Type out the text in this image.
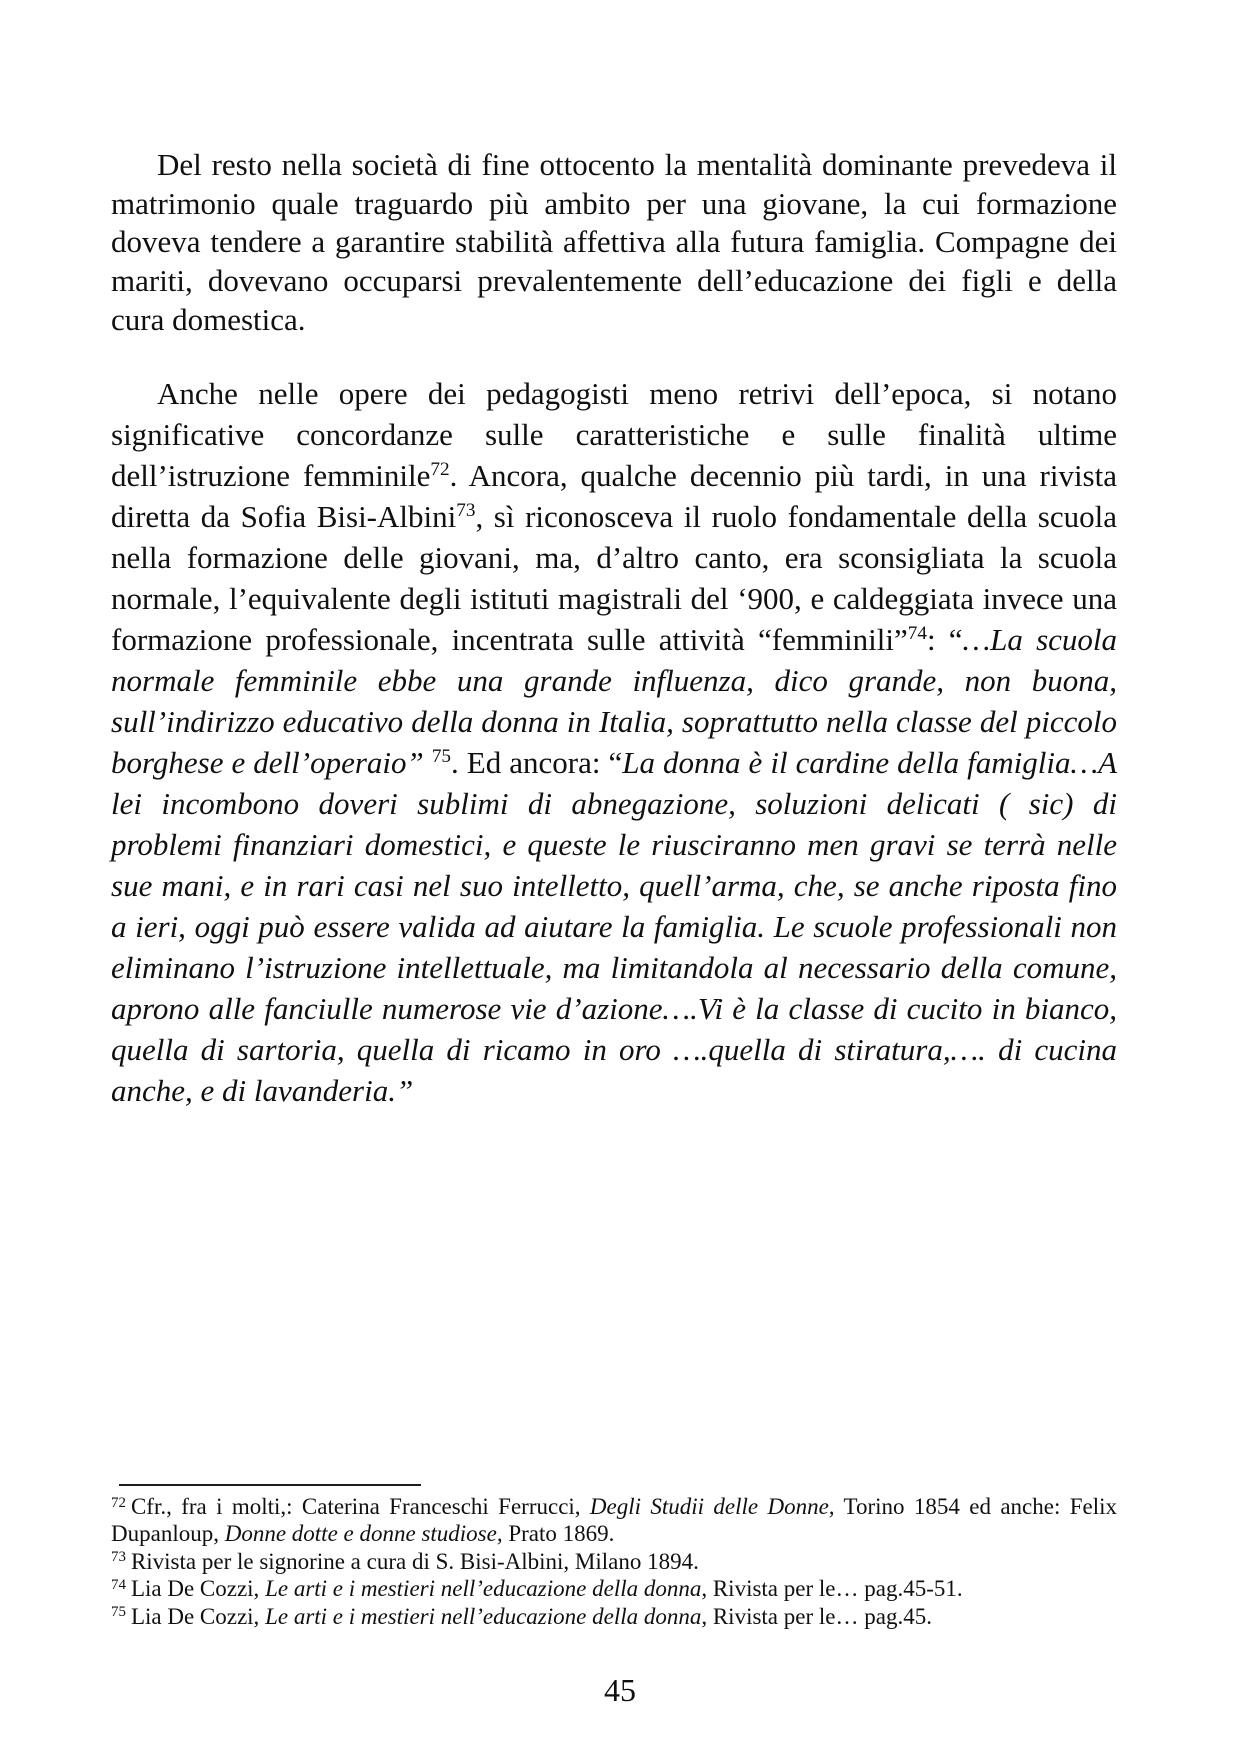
Del resto nella società di fine ottocento la mentalità dominante prevedeva il matrimonio quale traguardo più ambito per una giovane, la cui formazione doveva tendere a garantire stabilità affettiva alla futura famiglia. Compagne dei mariti, dovevano occuparsi prevalentemente dell’educazione dei figli e della cura domestica.

Anche nelle opere dei pedagogisti meno retrivi dell’epoca, si notano significative concordanze sulle caratteristiche e sulle finalità ultime dell’istruzione femminile$^{72}$. Ancora, qualche decennio più tardi, in una rivista diretta da Sofia Bisi-Albini$^{73}$, sì riconosceva il ruolo fondamentale della scuola nella formazione delle giovani, ma, d’altro canto, era sconsigliata la scuola normale, l’equivalente degli istituti magistrali del ‘900, e caldeggiata invece una formazione professionale, incentrata sulle attività “femminili”$^{74}$: “…La scuola normale femminile ebbe una grande influenza, dico grande, non buona, sull’indirizzo educativo della donna in Italia, soprattutto nella classe del piccolo borghese e dell’operaio” $^{75}$. Ed ancora: “La donna è il cardine della famiglia…A lei incombono doveri sublimi di abnegazione, soluzioni delicati ( sic) di problemi finanziari domestici, e queste le riusciranno men gravi se terrà nelle sue mani, e in rari casi nel suo intelletto, quell’arma, che, se anche riposta fino a ieri, oggi può essere valida ad aiutare la famiglia. Le scuole professionali non eliminano l’istruzione intellettuale, ma limitandola al necessario della comune, aprono alle fanciulle numerose vie d’azione….Vi è la classe di cucito in bianco, quella di sartoria, quella di ricamo in oro ….quella di stiratura,…. di cucina anche, e di lavanderia.”

$^{72}$ Cfr., fra i molti,: Caterina Franceschi Ferrucci, Degli Studii delle Donne, Torino 1854 ed anche: Felix Dupanloup, Donne dotte e donne studiose, Prato 1869.

$^{73}$ Rivista per le signorine a cura di S. Bisi-Albini, Milano 1894.

$^{74}$ Lia De Cozzi, Le arti e i mestieri nell’educazione della donna, Rivista per le… pag.45-51.

$^{75}$ Lia De Cozzi, Le arti e i mestieri nell’educazione della donna, Rivista per le… pag.45.

45
